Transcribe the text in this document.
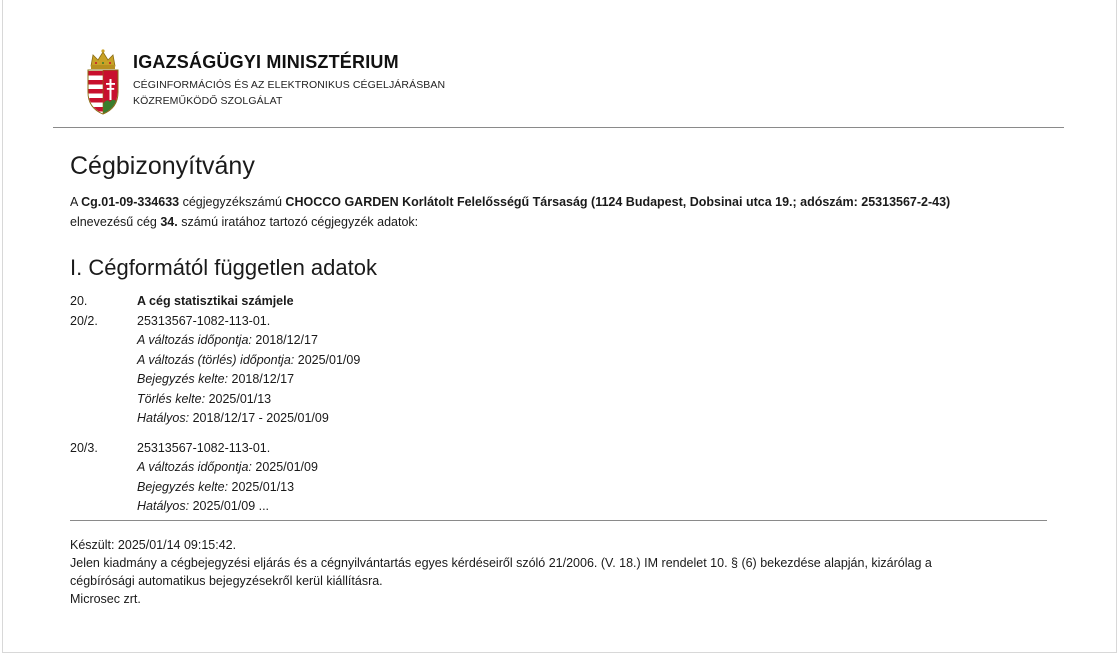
IGAZSÁGÜGYI MINISZTÉRIUM
CÉGINFORMÁCIÓS ÉS AZ ELEKTRONIKUS CÉGELJÁRÁSBAN
KÖZREMŰKÖDŐ SZOLGÁLAT
Cégbizonyítvány
A Cg.01-09-334633 cégjegyzékszámú CHOCCO GARDEN Korlátolt Felelősségű Társaság (1124 Budapest, Dobsinai utca 19.; adószám: 25313567-2-43)
elnevezésű cég 34. számú iratához tartozó cégjegyzék adatok:
I. Cégformától független adatok
20.	A cég statisztikai számjele
20/2.	25313567-1082-113-01.
A változás időpontja: 2018/12/17
A változás (törlés) időpontja: 2025/01/09
Bejegyzés kelte: 2018/12/17
Törlés kelte: 2025/01/13
Hatályos: 2018/12/17 - 2025/01/09
20/3.	25313567-1082-113-01.
A változás időpontja: 2025/01/09
Bejegyzés kelte: 2025/01/13
Hatályos: 2025/01/09 ...
Készült: 2025/01/14 09:15:42.
Jelen kiadmány a cégbejegyzési eljárás és a cégnyilvántartás egyes kérdéseiről szóló 21/2006. (V. 18.) IM rendelet 10. § (6) bekezdése alapján, kizárólag a
cégbírósági automatikus bejegyzésekről kerül kiállításra.
Microsec zrt.
